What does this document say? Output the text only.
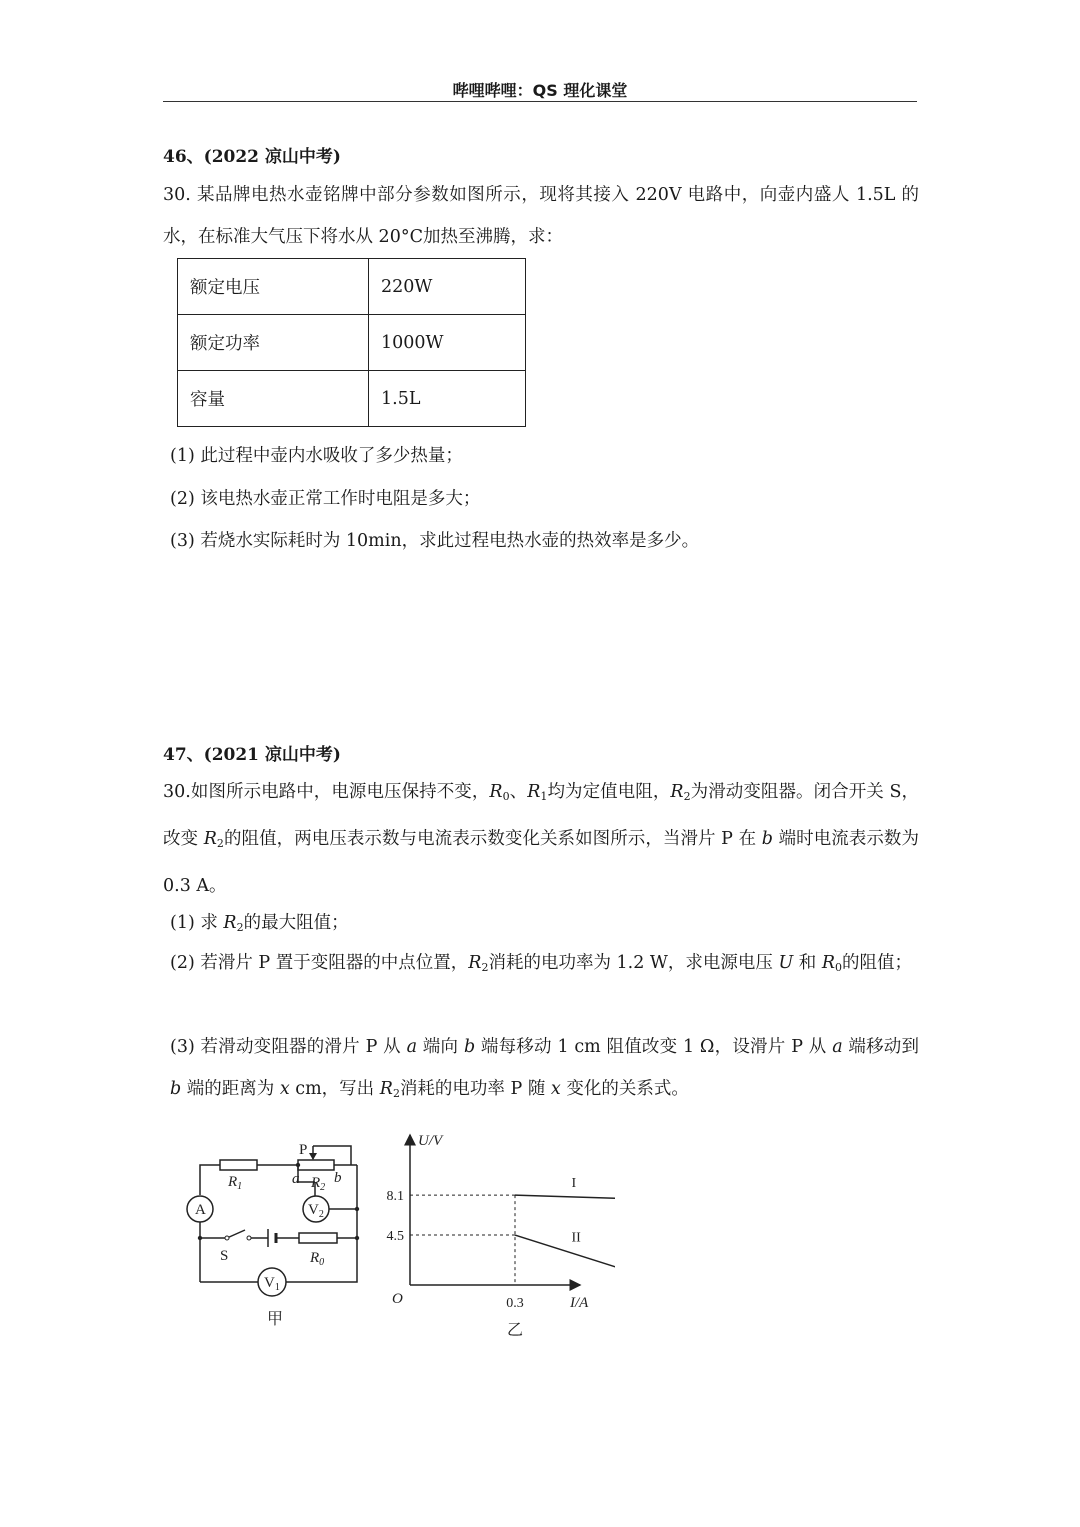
哔哩哔哩：QS 理化课堂
46、(2022 凉山中考)
30. 某品牌电热水壶铭牌中部分参数如图所示，现将其接入 220V 电路中，向壶内盛人 1.5L 的水，在标准大气压下将水从 20°C加热至沸腾，求：
额定电压	220W
额定功率	1000W
容量	1.5L
(1) 此过程中壶内水吸收了多少热量；
(2) 该电热水壶正常工作时电阻是多大；
(3) 若烧水实际耗时为 10min，求此过程电热水壶的热效率是多少。
47、(2021 凉山中考)
30.如图所示电路中，电源电压保持不变，$R_0$、$R_1$均为定值电阻，$R_2$为滑动变阻器。闭合开关 S，改变 $R_2$的阻值，两电压表示数与电流表示数变化关系如图所示，当滑片 P 在 b 端时电流表示数为 0.3 A。
(1) 求 $R_2$的最大阻值；
(2) 若滑片 P 置于变阻器的中点位置，$R_2$消耗的电功率为 1.2 W，求电源电压 U 和 $R_0$的阻值；
(3) 若滑动变阻器的滑片 P 从 a 端向 b 端每移动 1 cm 阻值改变 1 Ω，设滑片 P 从 a 端移动到 b 端的距离为 x cm，写出 $R_2$消耗的电功率 P 随 x 变化的关系式。
P
$R_1$	a $R_2$
b
A	$V_2$
S	$R_0$
$V_1$
甲
8.1
4.5
0.3
I
II
U/V
I/A
O
乙
